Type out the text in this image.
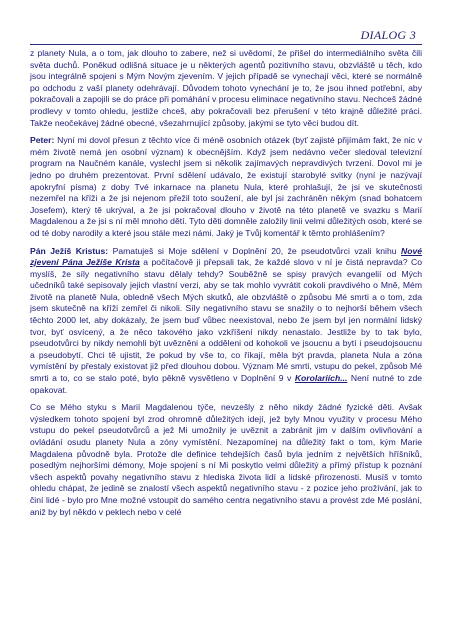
DIALOG 3

z planety Nula, a o tom, jak dlouho to zabere, než si uvědomí, že přišel do intermediálního světa čili světa duchů. Poněkud odlišná situace je u některých agentů pozitivního stavu, obzvláště u těch, kdo jsou integrálně spojeni s Mým Novým zjevením. V jejich případě se vynechají věci, které se normálně po odchodu z vaší planety odehrávají. Důvodem tohoto vynechání je to, že jsou ihned potřební, aby pokračovali a zapojili se do práce při pomáhání v procesu eliminace negativního stavu. Nechceš žádné prodlevy v tomto ohledu, jestliže chceš, aby pokračovali bez přerušení v této krajně důležité práci. Takže neočekávej žádné obecné, všezahrnující způsoby, jakými se tyto věci budou dít.

Peter: Nyní mi dovol přesun z těchto více či méně osobních otázek (byť zajisté přijímám fakt, že nic v mém životě nemá jen osobní význam) k obecnějším. Když jsem nedávno večer sledoval televizní program na Naučném kanále, vyslechl jsem si několik zajímavých nepravdivých tvrzení. Dovol mi je jedno po druhém prezentovat. První sdělení udávalo, že existují starobylé svitky (nyní je nazývají apokryfní písma) z doby Tvé inkarnace na planetu Nula, které prohlašují, že jsi ve skutečnosti nezemřel na kříži a že jsi nejenom přežil toto soužení, ale byl jsi zachráněn někým (snad bohatcem Josefem), který tě ukrýval, a že jsi pokračoval dlouho v životě na této planetě ve svazku s Marií Magdalenou a že jsi s ní měl mnoho dětí. Tyto děti domněle založily linii velmi důležitých osob, které se od té doby narodily a které jsou stále mezi námi. Jaký je Tvůj komentář k těmto prohlášením?

Pán Ježíš Kristus: Pamatuješ si Moje sdělení v Doplnění 20, že pseudotvůrci vzali knihu Nové zjevení Pána Ježíše Krista a počítačově ji přepsali tak, že každé slovo v ní je čistá nepravda? Co myslíš, že síly negativního stavu dělaly tehdy? Souběžně se spisy pravých evangelií od Mých učedníků také sepisovaly jejich vlastní verzi, aby se tak mohlo vyvrátit cokoli pravdivého o Mně, Mém životě na planetě Nula, obledně všech Mých skutků, ale obzvláště o způsobu Mé smrti a o tom, zda jsem skutečně na kříži zemřel či nikoli. Síly negativního stavu se snažily o to nejhorší během všech těchto 2000 let, aby dokázaly, že jsem buď vůbec neexistoval, nebo že jsem byl jen normální lidský tvor, byť osvícený, a že něco takového jako vzkříšení nikdy nenastalo. Jestliže by to tak bylo, pseudotvůrci by nikdy nemohli být uvězněni a odděleni od kohokoli ve jsoucnu a bytí i pseudojsoucnu a pseudobytí. Chci tě ujistit, že pokud by vše to, co říkají, měla být pravda, planeta Nula a zóna vymístění by přestaly existovat již před dlouhou dobou. Význam Mé smrti, vstupu do pekel, způsob Mé smrti a to, co se stalo poté, bylo pěkně vysvětleno v Doplnění 9 v Korolariích... Není nutné to zde opakovat.

Co se Mého styku s Marií Magdalenou týče, nevzešly z něho nikdy žádné fyzické děti. Avšak výsledkem tohoto spojení byl zrod ohromně důležitých idejí, jež byly Mnou využity v procesu Mého vstupu do pekel pseudotvůrců a jež Mi umožnily je uvěznit a zabránit jim v dalším ovlivňování a ovládání osudu planety Nula a zóny vymístění. Nezapomínej na důležitý fakt o tom, kým Marie Magdalena původně byla. Protože dle definice tehdejších časů byla jedním z největších hříšníků, posedlým nejhoršími démony, Moje spojení s ní Mi poskytlo velmi důležitý a přímý přístup k poznání všech aspektů povahy negativního stavu z hlediska života lidí a lidské přirozenosti. Musíš v tomto ohledu chápat, že jedině se znalostí všech aspektů negativního stavu - z pozice jeho prožívání, jak to činí lidé - bylo pro Mne možné vstoupit do samého centra negativního stavu a provést zde Mé poslání, aniž by byl někdo v peklech nebo v celé
